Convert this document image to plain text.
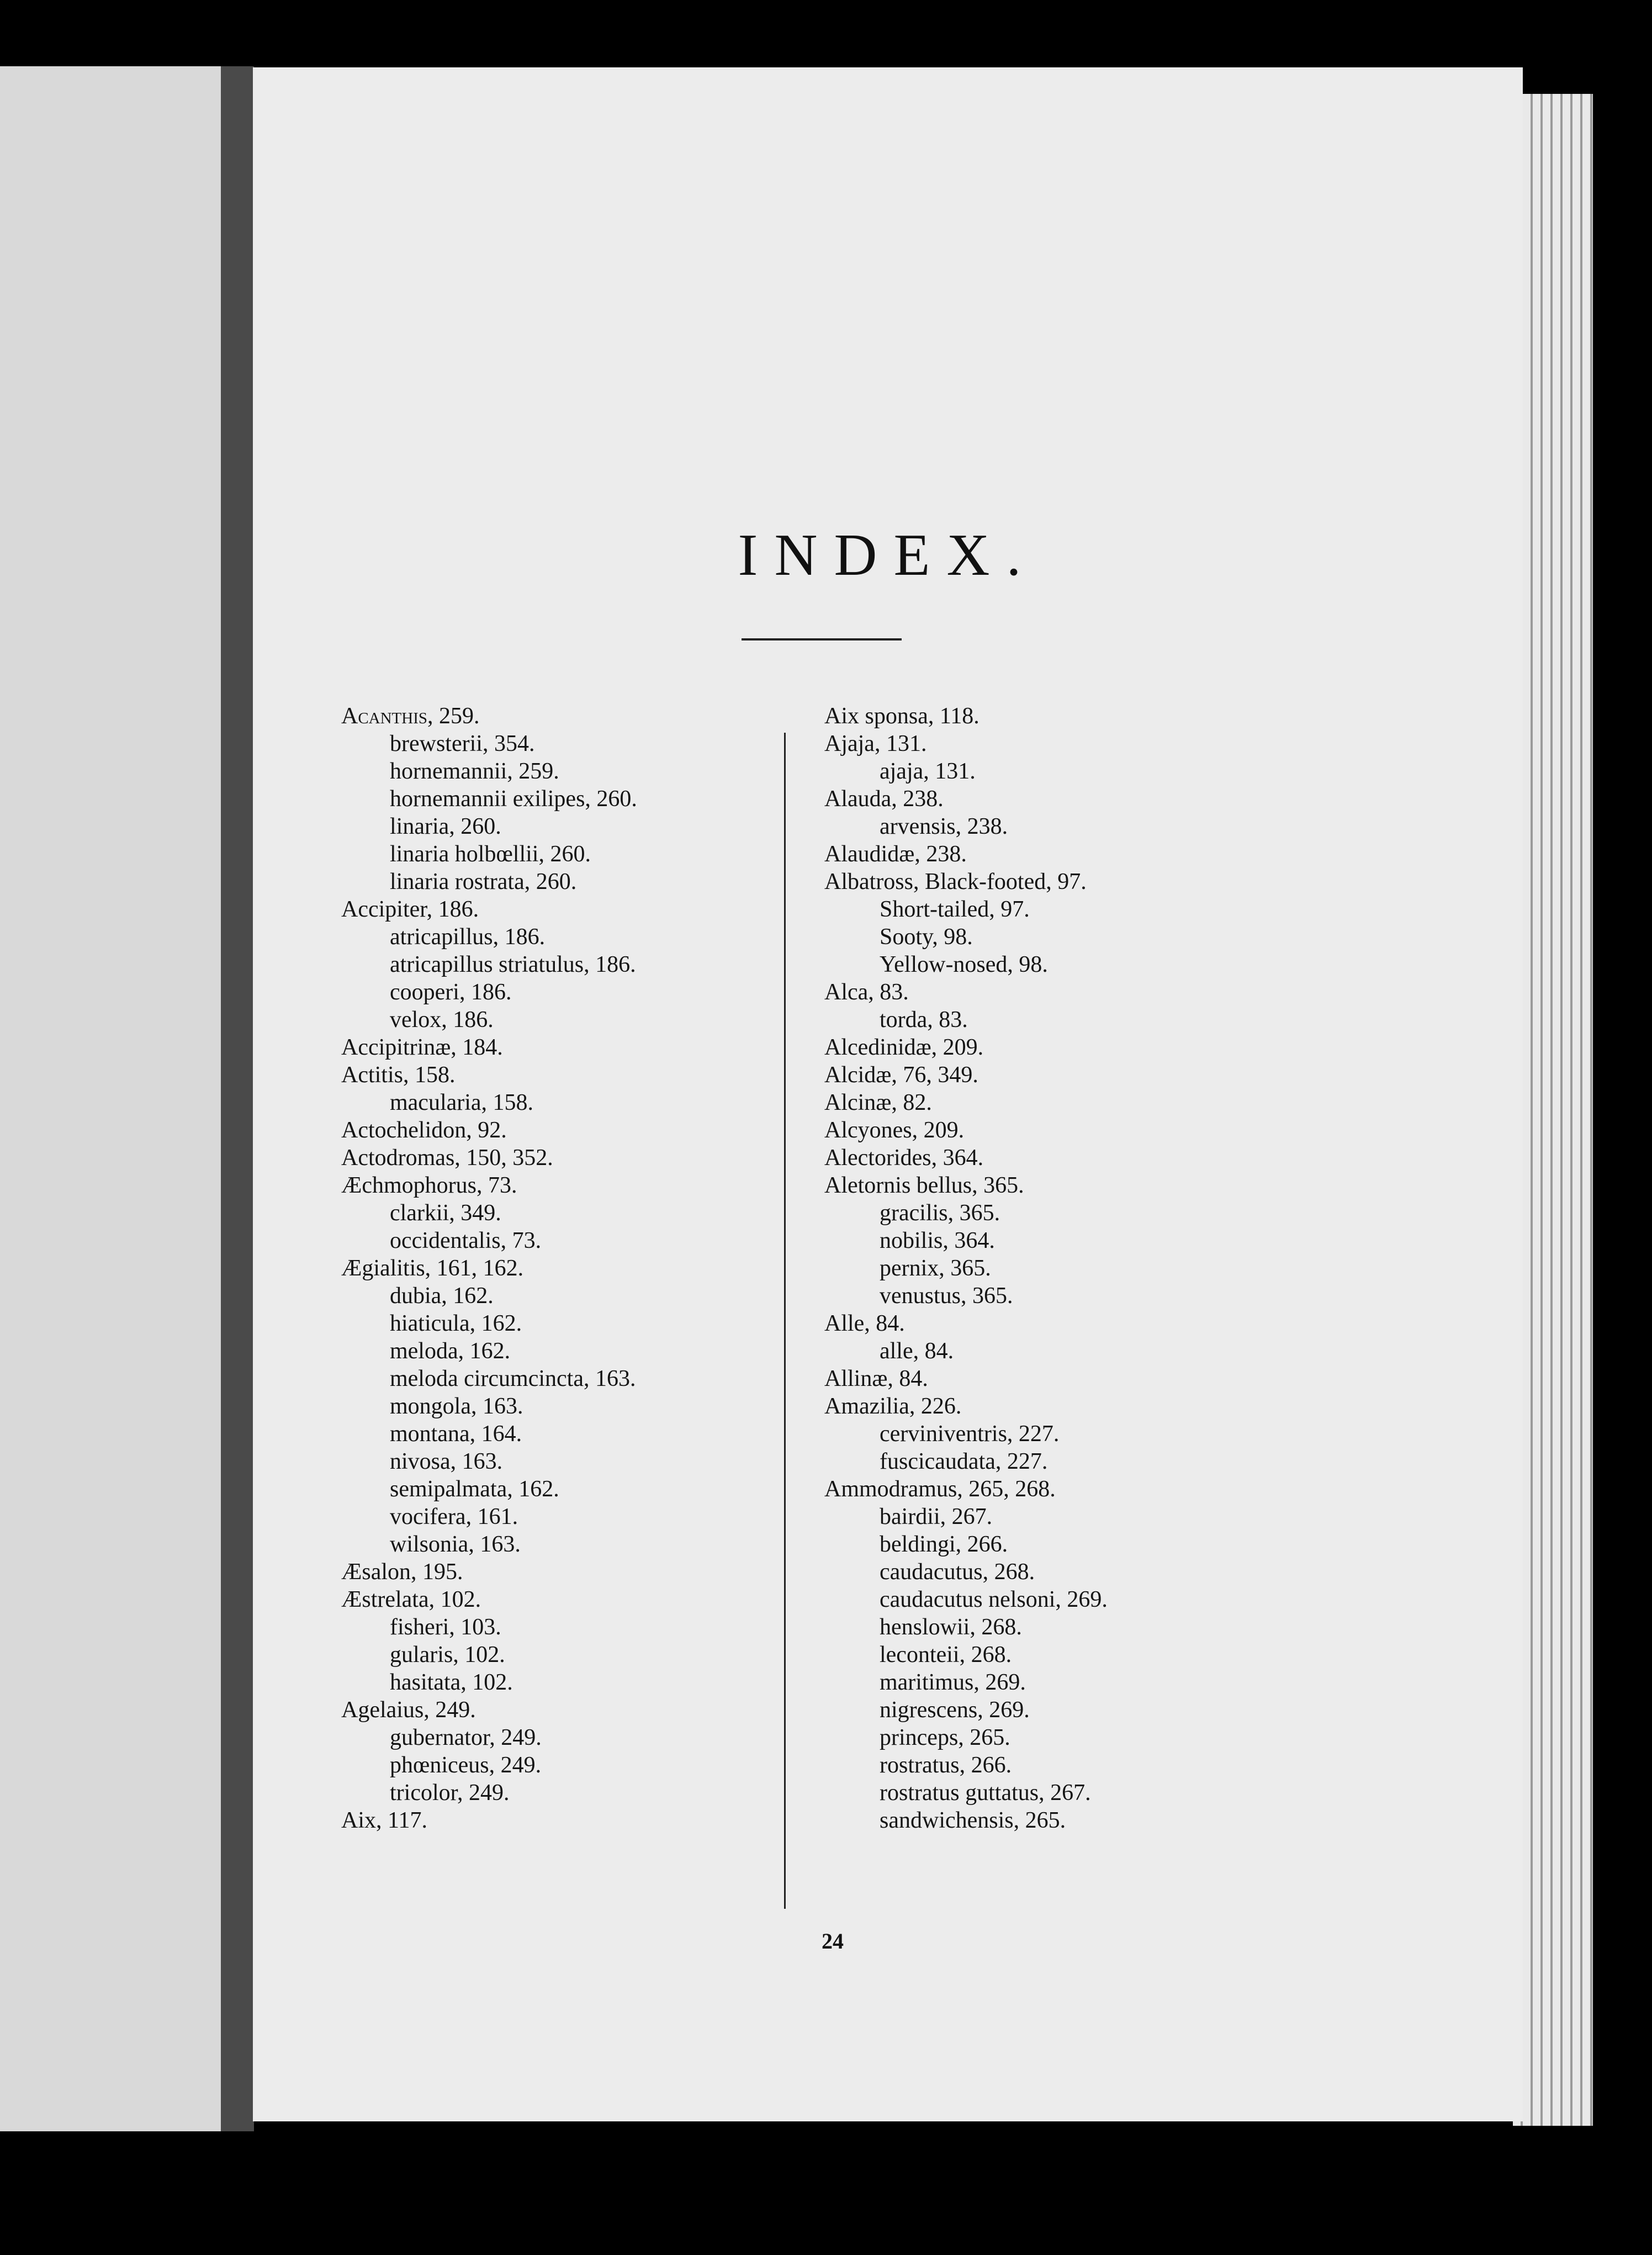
INDEX.
Acanthis, 259.
brewsterii, 354.
hornemannii, 259.
hornemannii exilipes, 260.
linaria, 260.
linaria holbœllii, 260.
linaria rostrata, 260.
Accipiter, 186.
atricapillus, 186.
atricapillus striatulus, 186.
cooperi, 186.
velox, 186.
Accipitrinæ, 184.
Actitis, 158.
macularia, 158.
Actochelidon, 92.
Actodromas, 150, 352.
Æchmophorus, 73.
clarkii, 349.
occidentalis, 73.
Ægialitis, 161, 162.
dubia, 162.
hiaticula, 162.
meloda, 162.
meloda circumcincta, 163.
mongola, 163.
montana, 164.
nivosa, 163.
semipalmata, 162.
vocifera, 161.
wilsonia, 163.
Æsalon, 195.
Æstrelata, 102.
fisheri, 103.
gularis, 102.
hasitata, 102.
Agelaius, 249.
gubernator, 249.
phœniceus, 249.
tricolor, 249.
Aix, 117.
Aix sponsa, 118.
Ajaja, 131.
ajaja, 131.
Alauda, 238.
arvensis, 238.
Alaudidæ, 238.
Albatross, Black-footed, 97.
Short-tailed, 97.
Sooty, 98.
Yellow-nosed, 98.
Alca, 83.
torda, 83.
Alcedinidæ, 209.
Alcidæ, 76, 349.
Alcinæ, 82.
Alcyones, 209.
Alectorides, 364.
Aletornis bellus, 365.
gracilis, 365.
nobilis, 364.
pernix, 365.
venustus, 365.
Alle, 84.
alle, 84.
Allinæ, 84.
Amazilia, 226.
cerviniventris, 227.
fuscicaudata, 227.
Ammodramus, 265, 268.
bairdii, 267.
beldingi, 266.
caudacutus, 268.
caudacutus nelsoni, 269.
henslowii, 268.
leconteii, 268.
maritimus, 269.
nigrescens, 269.
princeps, 265.
rostratus, 266.
rostratus guttatus, 267.
sandwichensis, 265.
24
